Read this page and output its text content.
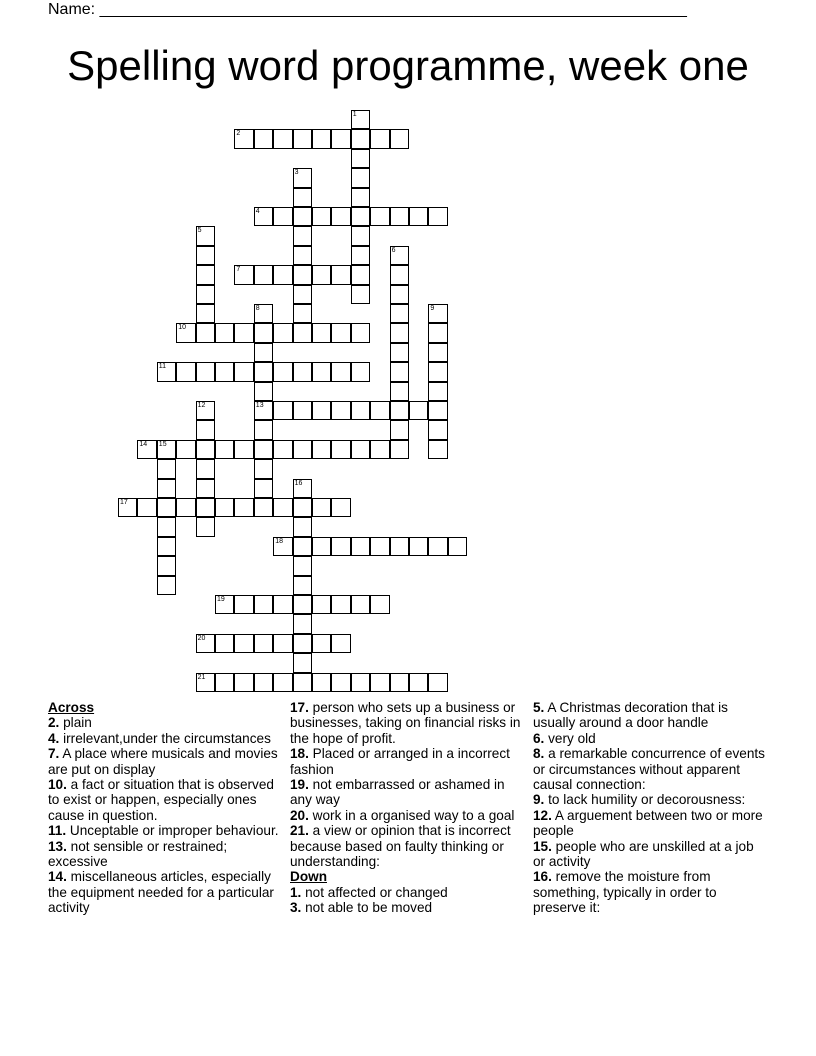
Name: __________________________________________________________________
Spelling word programme, week one
1
2
3
4
5
6
7
8
13
9
10
11
12
14 15
16
17
18
19
20
21
Across
2. plain
4. irrelevant,under the circumstances
7. A place where musicals and movies are put on display
10. a fact or situation that is observed to exist or happen, especially ones cause in question.
11. Unceptable or improper behaviour.
13. not sensible or restrained; excessive
14. miscellaneous articles, especially the equipment needed for a particular activity
17. person who sets up a business or businesses, taking on financial risks in the hope of profit.
18. Placed or arranged in a incorrect fashion
19. not embarrassed or ashamed in any way
20. work in a organised way to a goal
21. a view or opinion that is incorrect because based on faulty thinking or understanding:
Down
1. not affected or changed
3. not able to be moved
5. A Christmas decoration that is usually around a door handle
6. very old
8. a remarkable concurrence of events or circumstances without apparent causal connection:
9. to lack humility or decorousness:
12. A arguement between two or more people
15. people who are unskilled at a job or activity
16. remove the moisture from something, typically in order to preserve it:
